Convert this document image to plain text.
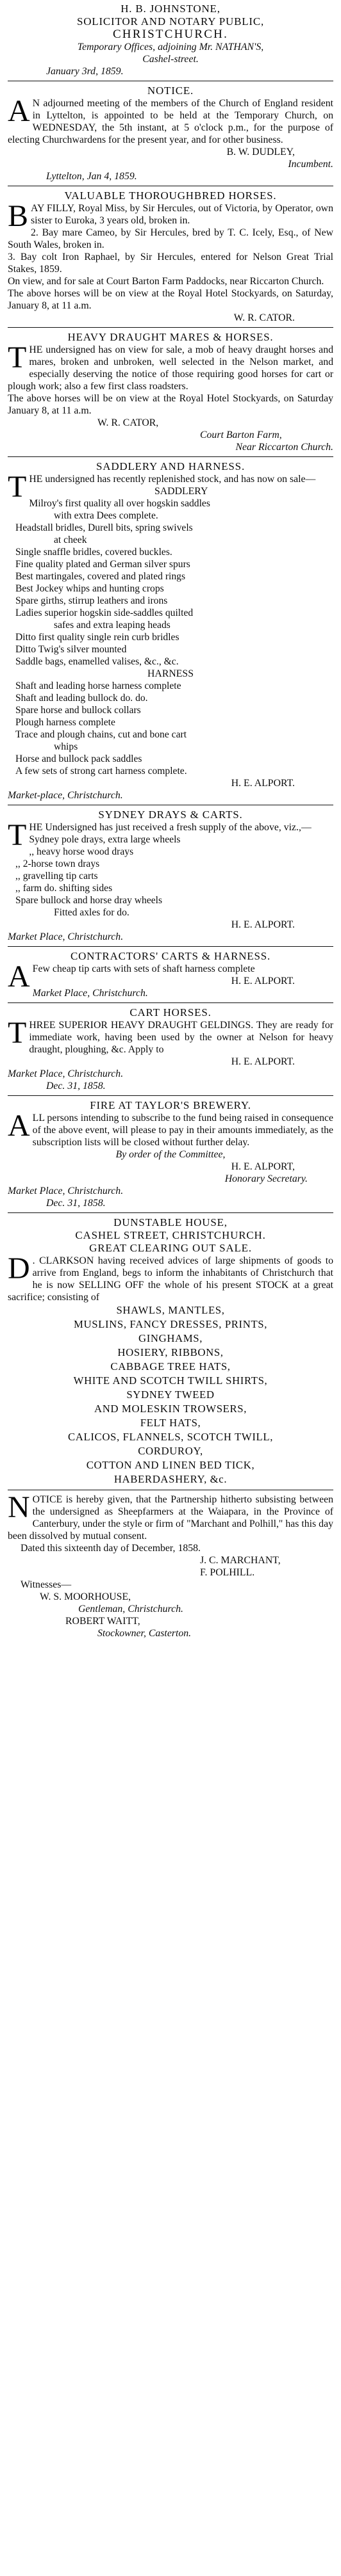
H. B. JOHNSTONE,
SOLICITOR AND NOTARY PUBLIC,
CHRISTCHURCH.
Temporary Offices, adjoining Mr. NATHAN'S,
Cashel-street.
January 3rd, 1859.
NOTICE.
A N adjourned meeting of the members of the Church of England resident in Lyttelton, is appointed to be held at the Temporary Church, on WEDNESDAY, the 5th instant, at 5 o'clock p.m., for the purpose of electing Churchwardens for the present year, and for other business.
B. W. DUDLEY,
Incumbent.
Lyttelton, Jan 4, 1859.
VALUABLE THOROUGHBRED HORSES.
B AY FILLY, Royal Miss, by Sir Hercules, out of Victoria, by Operator, own sister to Euroka, 3 years old, broken in.
2. Bay mare Cameo, by Sir Hercules, bred by T. C. Icely, Esq., of New South Wales, broken in.
3. Bay colt Iron Raphael, by Sir Hercules, entered for Nelson Great Trial Stakes, 1859.
On view, and for sale at Court Barton Farm Paddocks, near Riccarton Church.
The above horses will be on view at the Royal Hotel Stockyards, on Saturday, January 8, at 11 a.m.
W. R. CATOR.
HEAVY DRAUGHT MARES & HORSES.
T HE undersigned has on view for sale, a mob of heavy draught horses and mares, broken and unbroken, well selected in the Nelson market, and especially deserving the notice of those requiring good horses for cart or plough work; also a few first class roadsters.
The above horses will be on view at the Royal Hotel Stockyards, on Saturday January 8, at 11 a.m.
W. R. CATOR,
Court Barton Farm,
Near Riccarton Church.
SADDLERY AND HARNESS.
T HE undersigned has recently replenished stock, and has now on sale—
SADDLERY
Milroy's first quality all over hogskin saddles
with extra Dees complete.
Headstall bridles, Durell bits, spring swivels
at cheek
Single snaffle bridles, covered buckles.
Fine quality plated and German silver spurs
Best martingales, covered and plated rings
Best Jockey whips and hunting crops
Spare girths, stirrup leathers and irons
Ladies superior hogskin side-saddles quilted
safes and extra leaping heads
Ditto first quality single rein curb bridles
Ditto Twig's silver mounted
Saddle bags, enamelled valises, &c., &c.
HARNESS
Shaft and leading horse harness complete
Shaft and leading bullock do. do.
Spare horse and bullock collars
Plough harness complete
Trace and plough chains, cut and bone cart
whips
Horse and bullock pack saddles
A few sets of strong cart harness complete.
H. E. ALPORT.
Market-place, Christchurch.
SYDNEY DRAYS & CARTS.
T HE Undersigned has just received a fresh supply of the above, viz.,—
Sydney pole drays, extra large wheels
,, heavy horse wood drays
,, 2-horse town drays
,, gravelling tip carts
,, farm do. shifting sides
Spare bullock and horse dray wheels
Fitted axles for do.
H. E. ALPORT.
Market Place, Christchurch.
CONTRACTORS' CARTS & HARNESS.
A Few cheap tip carts with sets of shaft harness complete
H. E. ALPORT.
Market Place, Christchurch.
CART HORSES.
T HREE SUPERIOR HEAVY DRAUGHT GELDINGS. They are ready for immediate work, having been used by the owner at Nelson for heavy draught, ploughing, &c. Apply to
H. E. ALPORT.
Market Place, Christchurch.
Dec. 31, 1858.
FIRE AT TAYLOR'S BREWERY.
A LL persons intending to subscribe to the fund being raised in consequence of the above event, will please to pay in their amounts immediately, as the subscription lists will be closed without further delay.
By order of the Committee,
H. E. ALPORT,
Honorary Secretary.
Market Place, Christchurch.
Dec. 31, 1858.
DUNSTABLE HOUSE,
CASHEL STREET, CHRISTCHURCH.
GREAT CLEARING OUT SALE.
D . CLARKSON having received advices of large shipments of goods to arrive from England, begs to inform the inhabitants of Christchurch that he is now SELLING OFF the whole of his present STOCK at a great sacrifice; consisting of
SHAWLS, MANTLES,
MUSLINS, FANCY DRESSES, PRINTS,
GINGHAMS,
HOSIERY, RIBBONS,
CABBAGE TREE HATS,
WHITE AND SCOTCH TWILL SHIRTS,
SYDNEY TWEED
AND MOLESKIN TROWSERS,
FELT HATS,
CALICOS, FLANNELS, SCOTCH TWILL,
CORDUROY,
COTTON AND LINEN BED TICK,
HABERDASHERY, &c.
N OTICE is hereby given, that the Partnership hitherto subsisting between the undersigned as Sheepfarmers at the Waiapara, in the Province of Canterbury, under the style or firm of "Marchant and Polhill," has this day been dissolved by mutual consent.
Dated this sixteenth day of December, 1858.
J. C. MARCHANT,
F. POLHILL.
Witnesses—
W. S. MOORHOUSE,
Gentleman, Christchurch.
ROBERT WAITT,
Stockowner, Casterton.
